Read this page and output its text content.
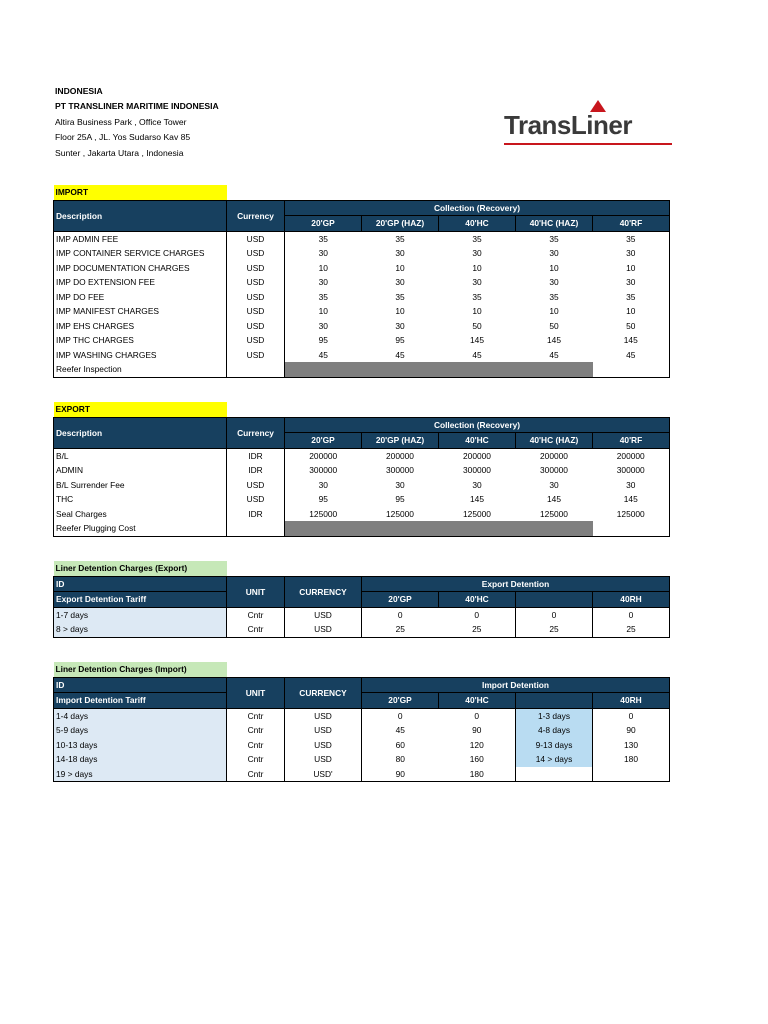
INDONESIA
PT TRANSLINER MARITIME INDONESIA
Altira Business Park , Office Tower
Floor 25A , JL. Yos Sudarso Kav 85
Sunter , Jakarta Utara , Indonesia
TransLiner
IMPORT						
Description	Currency	Collection (Recovery)				
		20'GP	20'GP (HAZ)	40'HC	40'HC (HAZ)	40'RF
IMP ADMIN FEE	USD	35	35	35	35	35
IMP CONTAINER SERVICE CHARGES	USD	30	30	30	30	30
IMP DOCUMENTATION CHARGES	USD	10	10	10	10	10
IMP DO EXTENSION FEE	USD	30	30	30	30	30
IMP DO FEE	USD	35	35	35	35	35
IMP MANIFEST CHARGES	USD	10	10	10	10	10
IMP EHS CHARGES	USD	30	30	50	50	50
IMP THC CHARGES	USD	95	95	145	145	145
IMP WASHING CHARGES	USD	45	45	45	45	45
Reefer Inspection						
EXPORT						
Description	Currency	Collection (Recovery)				
		20'GP	20'GP (HAZ)	40'HC	40'HC (HAZ)	40'RF
B/L	IDR	200000	200000	200000	200000	200000
ADMIN	IDR	300000	300000	300000	300000	300000
B/L Surrender Fee	USD	30	30	30	30	30
THC	USD	95	95	145	145	145
Seal Charges	IDR	125000	125000	125000	125000	125000
Reefer Plugging Cost						
Liner Detention Charges (Export)						
ID	UNIT	CURRENCY	Export Detention			
Export Detention Tariff			20'GP	40'HC		40RH
1-7 days	Cntr	USD	0	0	0	0
8 > days	Cntr	USD	25	25	25	25
Liner Detention Charges (Import)						
ID	UNIT	CURRENCY	Import Detention			
Import Detention Tariff			20'GP	40'HC		40RH
1-4 days	Cntr	USD	0	0	1-3 days	0
5-9 days	Cntr	USD	45	90	4-8 days	90
10-13 days	Cntr	USD	60	120	9-13 days	130
14-18 days	Cntr	USD	80	160	14 > days	180
19 > days	Cntr	USD'	90	180		
